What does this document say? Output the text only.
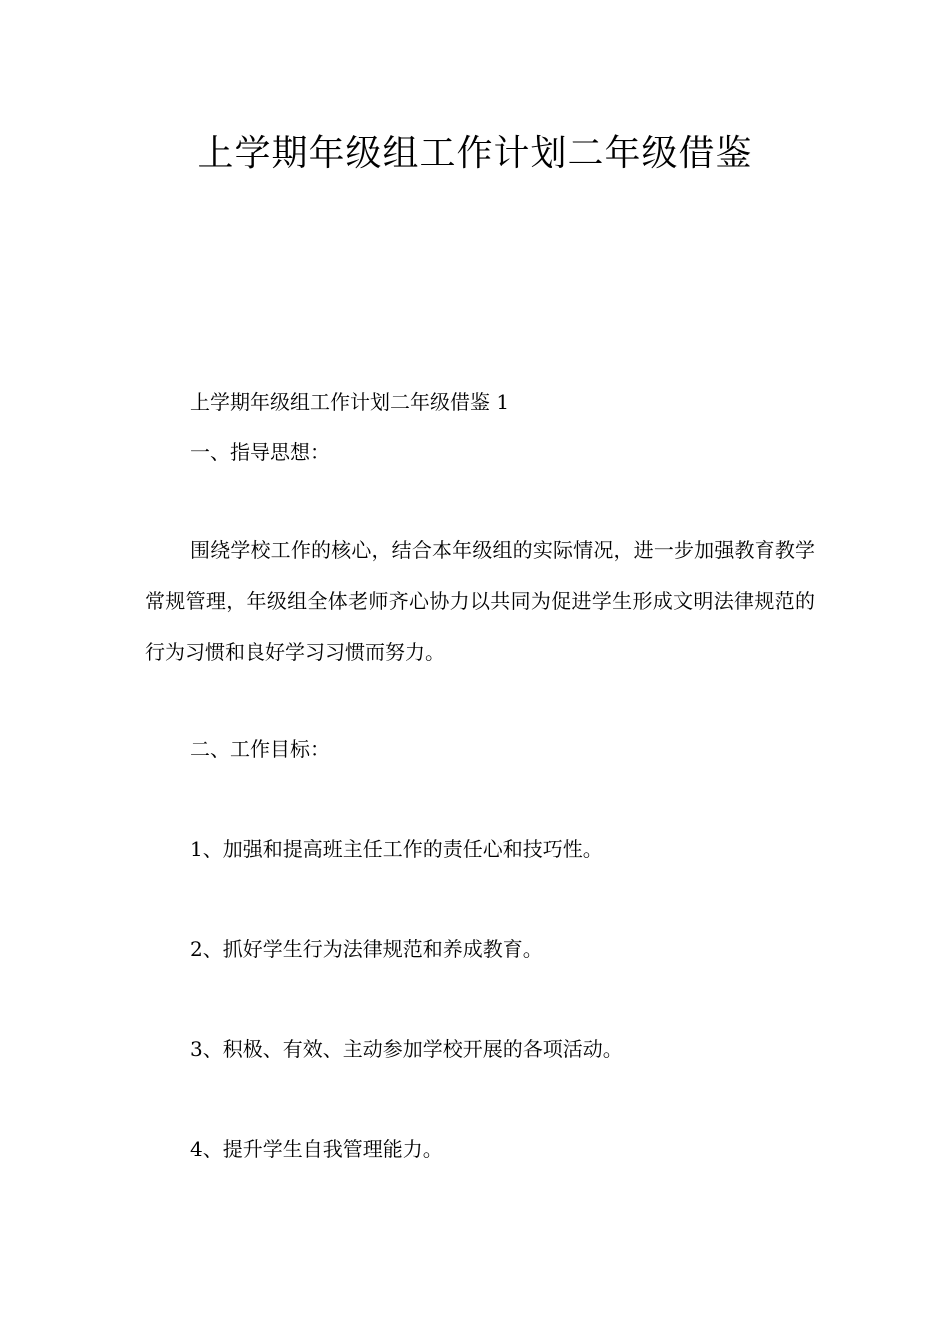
上学期年级组工作计划二年级借鉴

上学期年级组工作计划二年级借鉴 1

一、指导思想：

围绕学校工作的核心，结合本年级组的实际情况，进一步加强教育教学常规管理，年级组全体老师齐心协力以共同为促进学生形成文明法律规范的行为习惯和良好学习习惯而努力。

二、工作目标：

1、加强和提高班主任工作的责任心和技巧性。

2、抓好学生行为法律规范和养成教育。

3、积极、有效、主动参加学校开展的各项活动。

4、提升学生自我管理能力。
